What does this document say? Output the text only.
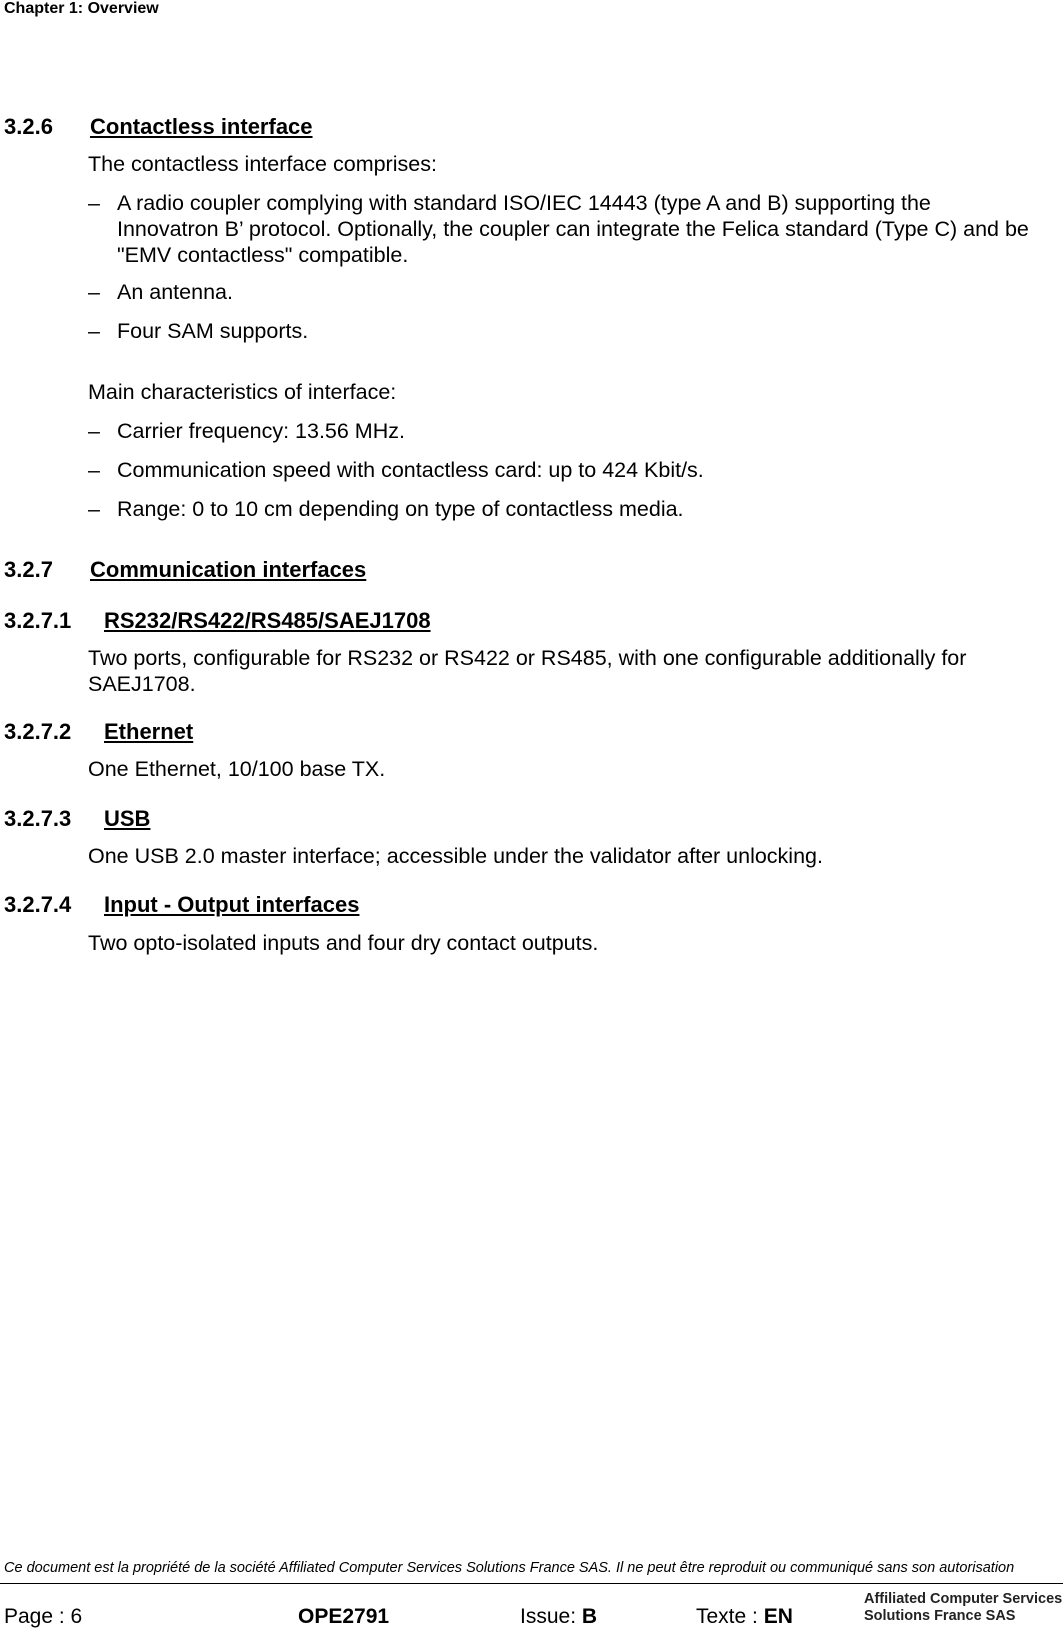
Chapter 1: Overview
3.2.6 Contactless interface
The contactless interface comprises:
– A radio coupler complying with standard ISO/IEC 14443 (type A and B) supporting the Innovatron B’ protocol. Optionally, the coupler can integrate the Felica standard (Type C) and be "EMV contactless" compatible.
– An antenna.
– Four SAM supports.
Main characteristics of interface:
– Carrier frequency: 13.56 MHz.
– Communication speed with contactless card: up to 424 Kbit/s.
– Range: 0 to 10 cm depending on type of contactless media.
3.2.7 Communication interfaces
3.2.7.1 RS232/RS422/RS485/SAEJ1708
Two ports, configurable for RS232 or RS422 or RS485, with one configurable additionally for SAEJ1708.
3.2.7.2 Ethernet
One Ethernet, 10/100 base TX.
3.2.7.3 USB
One USB 2.0 master interface; accessible under the validator after unlocking.
3.2.7.4 Input - Output interfaces
Two opto-isolated inputs and four dry contact outputs.
Ce document est la propriété de la société Affiliated Computer Services Solutions France SAS. Il ne peut être reproduit ou communiqué sans son autorisation
Page : 6	OPE2791	Issue: B	Texte : EN
Affiliated Computer Services
Solutions France SAS
